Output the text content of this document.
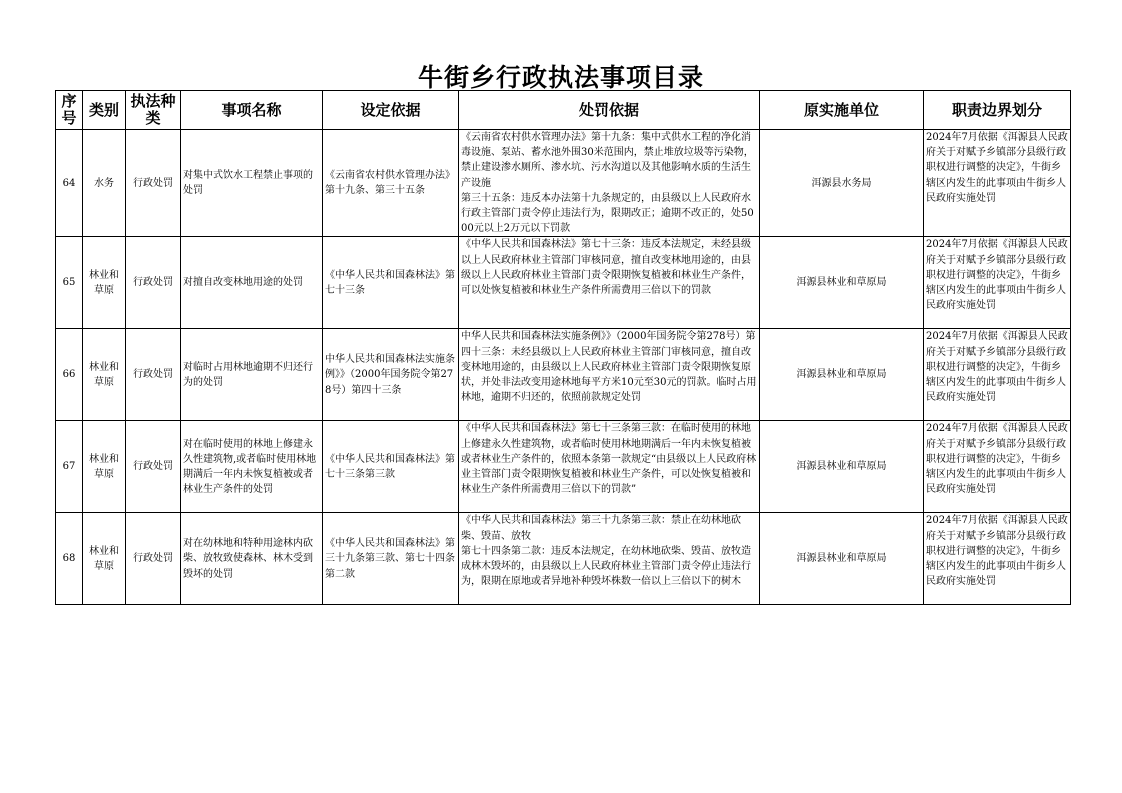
牛街乡行政执法事项目录
序号	类别	执法种类	事项名称	设定依据	处罚依据	原实施单位	职责边界划分
64	水务	行政处罚	对集中式饮水工程禁止事项的处罚	《云南省农村供水管理办法》第十九条、第三十五条	《云南省农村供水管理办法》第十九条：集中式供水工程的净化消毒设施、泵站、蓄水池外围30米范围内，禁止堆放垃圾等污染物，禁止建设渗水厕所、渗水坑、污水沟道以及其他影响水质的生活生产设施
第三十五条：违反本办法第十九条规定的，由县级以上人民政府水行政主管部门责令停止违法行为，限期改正；逾期不改正的，处5000元以上2万元以下罚款	洱源县水务局	2024年7月依据《洱源县人民政府关于对赋予乡镇部分县级行政职权进行调整的决定》，牛街乡辖区内发生的此事项由牛街乡人民政府实施处罚
65	林业和草原	行政处罚	对擅自改变林地用途的处罚	《中华人民共和国森林法》第七十三条	《中华人民共和国森林法》第七十三条：违反本法规定，未经县级以上人民政府林业主管部门审核同意，擅自改变林地用途的，由县级以上人民政府林业主管部门责令限期恢复植被和林业生产条件，可以处恢复植被和林业生产条件所需费用三倍以下的罚款	洱源县林业和草原局	2024年7月依据《洱源县人民政府关于对赋予乡镇部分县级行政职权进行调整的决定》，牛街乡辖区内发生的此事项由牛街乡人民政府实施处罚
66	林业和草原	行政处罚	对临时占用林地逾期不归还行为的处罚	中华人民共和国森林法实施条例》》（2000年国务院令第278号）第四十三条	中华人民共和国森林法实施条例》》（2000年国务院令第278号）第四十三条：未经县级以上人民政府林业主管部门审核同意，擅自改变林地用途的，由县级以上人民政府林业主管部门责令限期恢复原状，并处非法改变用途林地每平方米10元至30元的罚款。临时占用林地，逾期不归还的，依照前款规定处罚	洱源县林业和草原局	2024年7月依据《洱源县人民政府关于对赋予乡镇部分县级行政职权进行调整的决定》，牛街乡辖区内发生的此事项由牛街乡人民政府实施处罚
67	林业和草原	行政处罚	对在临时使用的林地上修建永久性建筑物,或者临时使用林地期满后一年内未恢复植被或者林业生产条件的处罚	《中华人民共和国森林法》第七十三条第三款	《中华人民共和国森林法》第七十三条第三款：在临时使用的林地上修建永久性建筑物，或者临时使用林地期满后一年内未恢复植被或者林业生产条件的，依照本条第一款规定“由县级以上人民政府林业主管部门责令限期恢复植被和林业生产条件，可以处恢复植被和林业生产条件所需费用三倍以下的罚款”	洱源县林业和草原局	2024年7月依据《洱源县人民政府关于对赋予乡镇部分县级行政职权进行调整的决定》，牛街乡辖区内发生的此事项由牛街乡人民政府实施处罚
68	林业和草原	行政处罚	对在幼林地和特种用途林内砍柴、放牧致使森林、林木受到毁坏的处罚	《中华人民共和国森林法》第三十九条第三款、第七十四条第二款	《中华人民共和国森林法》第三十九条第三款：禁止在幼林地砍柴、毁苗、放牧
第七十四条第二款：违反本法规定，在幼林地砍柴、毁苗、放牧造成林木毁坏的，由县级以上人民政府林业主管部门责令停止违法行为，限期在原地或者异地补种毁坏株数一倍以上三倍以下的树木	洱源县林业和草原局	2024年7月依据《洱源县人民政府关于对赋予乡镇部分县级行政职权进行调整的决定》，牛街乡辖区内发生的此事项由牛街乡人民政府实施处罚
